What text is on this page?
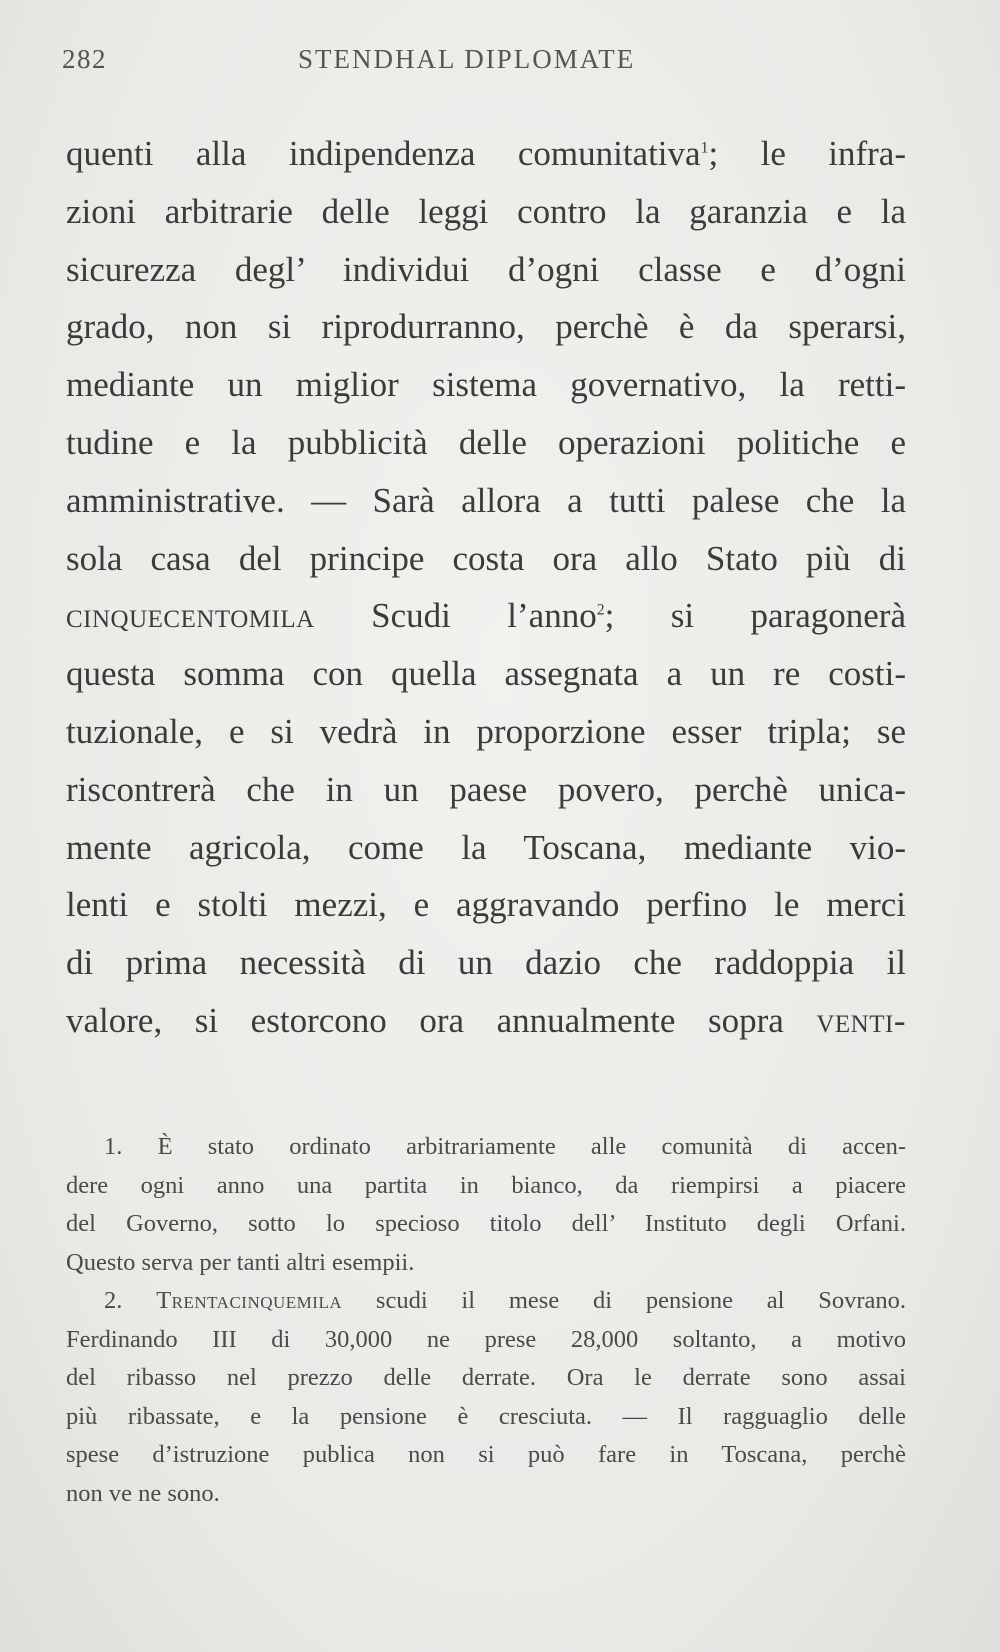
282	STENDHAL DIPLOMATE
quenti alla indipendenza comunitativa$^1$; le infra-
zioni arbitrarie delle leggi contro la garanzia e la
sicurezza degl’ individui d’ogni classe e d’ogni
grado, non si riprodurranno, perchè è da sperarsi,
mediante un miglior sistema governativo, la retti-
tudine e la pubblicità delle operazioni politiche e
amministrative. — Sarà allora a tutti palese che la
sola casa del principe costa ora allo Stato più di
cinquecentomila Scudi l’anno$^2$; si paragonerà
questa somma con quella assegnata a un re costi-
tuzionale, e si vedrà in proporzione esser tripla; se
riscontrerà che in un paese povero, perchè unica-
mente agricola, come la Toscana, mediante vio-
lenti e stolti mezzi, e aggravando perfino le merci
di prima necessità di un dazio che raddoppia il
valore, si estorcono ora annualmente sopra venti-
1. È stato ordinato arbitrariamente alle comunità di accen-
dere ogni anno una partita in bianco, da riempirsi a piacere
del Governo, sotto lo specioso titolo dell’ Instituto degli Orfani.
Questo serva per tanti altri esempii.
2. Trentacinquemila scudi il mese di pensione al Sovrano.
Ferdinando III di 30,000 ne prese 28,000 soltanto, a motivo
del ribasso nel prezzo delle derrate. Ora le derrate sono assai
più ribassate, e la pensione è cresciuta. — Il ragguaglio delle
spese d’istruzione publica non si può fare in Toscana, perchè
non ve ne sono.
